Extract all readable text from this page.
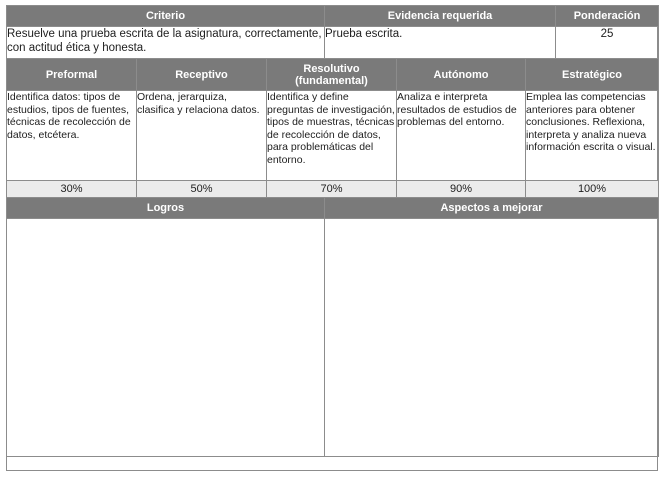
Criterio			Evidencia requerida			Ponderación
Resuelve una prueba escrita de la asignatura, correctamente, con actitud ética y honesta.			Prueba escrita.			25
Preformal	Receptivo	Resolutivo (fundamental)		Autónomo	Estratégico	
Identifica datos: tipos de estudios, tipos de fuentes, técnicas de recolección de datos, etcétera.	Ordena, jerarquiza, clasifica y relaciona datos.	Identifica y define preguntas de investigación, tipos de muestras, técnicas de recolección de datos, para problemáticas del entorno.		Analiza e interpreta resultados de estudios de problemas del entorno.	Emplea las competencias anteriores para obtener conclusiones. Reflexiona, interpreta y analiza nueva información escrita o visual.	
30%	50%	70%		90%	100%	
Logros			Aspectos a mejorar			
